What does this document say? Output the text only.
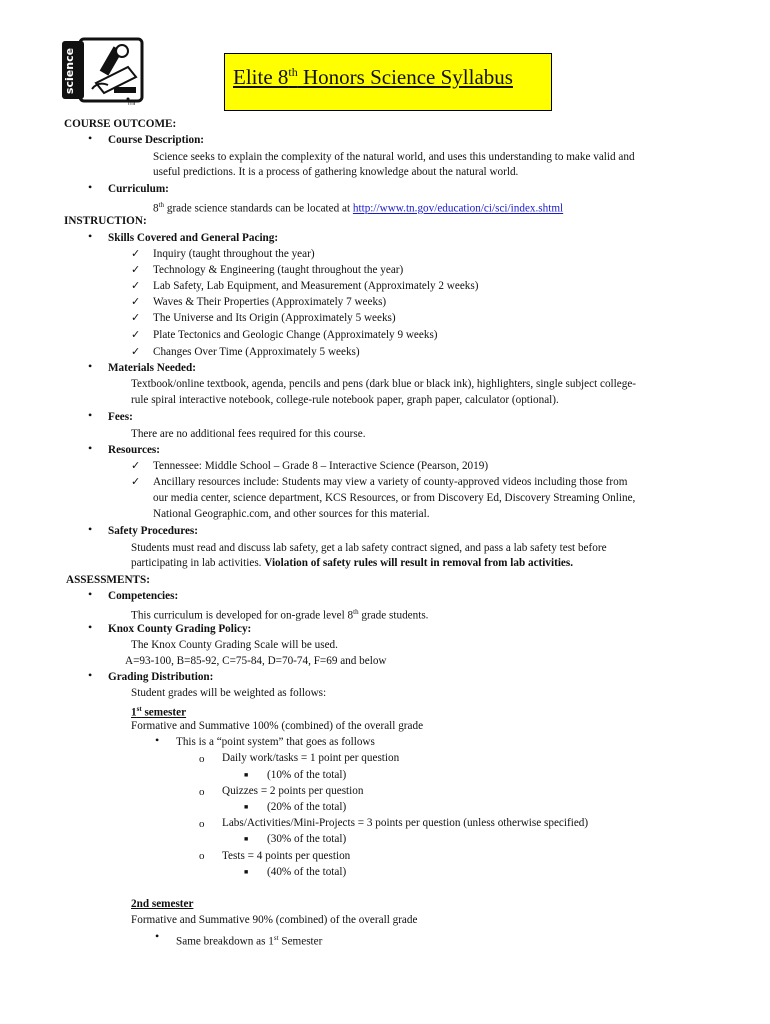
science
mr
Elite 8th Honors Science Syllabus
COURSE OUTCOME:
• Course Description:
Science seeks to explain the complexity of the natural world, and uses this understanding to make valid and
useful predictions. It is a process of gathering knowledge about the natural world.
• Curriculum:
8th grade science standards can be located at http://www.tn.gov/education/ci/sci/index.shtml
INSTRUCTION:
• Skills Covered and General Pacing:
✓ Inquiry (taught throughout the year)
✓ Technology & Engineering (taught throughout the year)
✓ Lab Safety, Lab Equipment, and Measurement (Approximately 2 weeks)
✓ Waves & Their Properties (Approximately 7 weeks)
✓ The Universe and Its Origin (Approximately 5 weeks)
✓ Plate Tectonics and Geologic Change (Approximately 9 weeks)
✓ Changes Over Time (Approximately 5 weeks)
• Materials Needed:
Textbook/online textbook, agenda, pencils and pens (dark blue or black ink), highlighters, single subject college-
rule spiral interactive notebook, college-rule notebook paper, graph paper, calculator (optional).
• Fees:
There are no additional fees required for this course.
• Resources:
✓ Tennessee: Middle School – Grade 8 – Interactive Science (Pearson, 2019)
✓ Ancillary resources include: Students may view a variety of county-approved videos including those from
our media center, science department, KCS Resources, or from Discovery Ed, Discovery Streaming Online,
National Geographic.com, and other sources for this material.
• Safety Procedures:
Students must read and discuss lab safety, get a lab safety contract signed, and pass a lab safety test before
participating in lab activities. Violation of safety rules will result in removal from lab activities.
ASSESSMENTS:
• Competencies:
This curriculum is developed for on-grade level 8th grade students.
• Knox County Grading Policy:
The Knox County Grading Scale will be used.
A=93-100, B=85-92, C=75-84, D=70-74, F=69 and below
• Grading Distribution:
Student grades will be weighted as follows:
1st semester
Formative and Summative 100% (combined) of the overall grade
• This is a “point system” that goes as follows
o Daily work/tasks = 1 point per question
■ (10% of the total)
o Quizzes = 2 points per question
■ (20% of the total)
o Labs/Activities/Mini-Projects = 3 points per question (unless otherwise specified)
■ (30% of the total)
o Tests = 4 points per question
■ (40% of the total)
2nd semester
Formative and Summative 90% (combined) of the overall grade
• Same breakdown as 1st Semester
